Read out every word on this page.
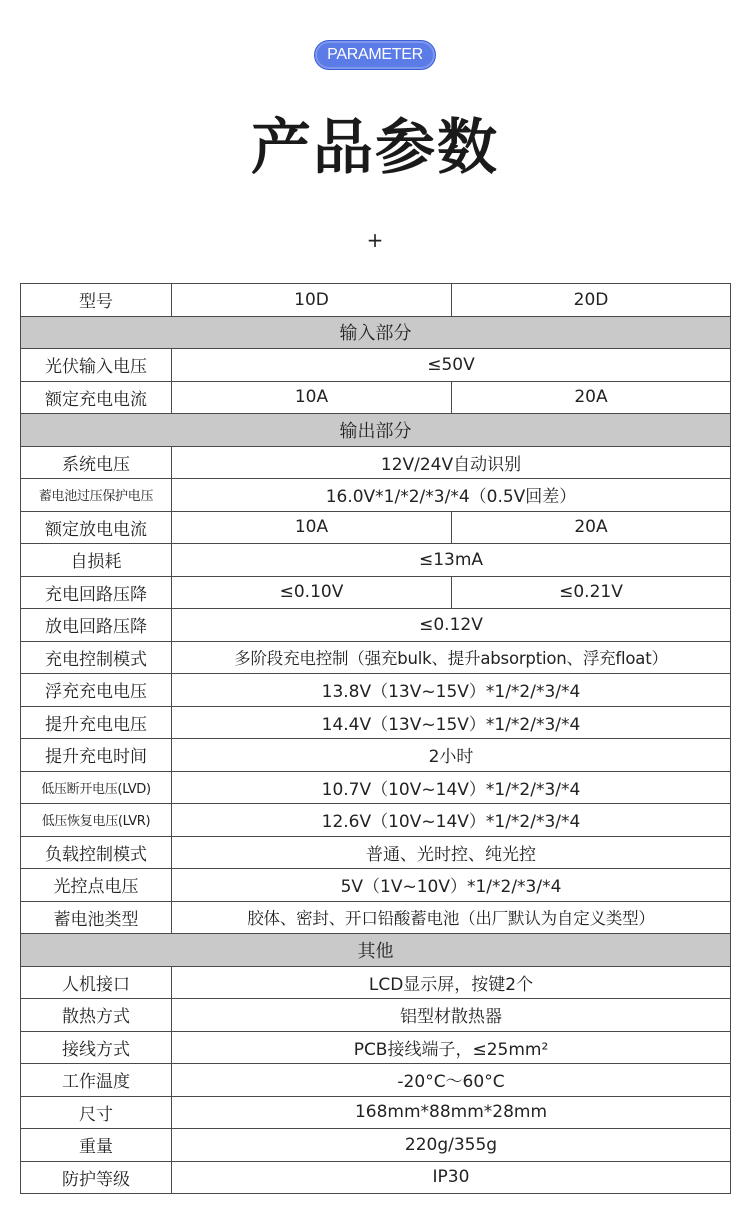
PARAMETER
产品参数
+
型号	10D	20D
输入部分		
光伏输入电压	≤50V	
额定充电电流	10A	20A
输出部分		
系统电压	12V/24V自动识别	
蓄电池过压保护电压	16.0V*1/*2/*3/*4（0.5V回差）	
额定放电电流	10A	20A
自损耗	≤13mA	
充电回路压降	≤0.10V	≤0.21V
放电回路压降	≤0.12V	
充电控制模式	多阶段充电控制（强充bulk、提升absorption、浮充float）	
浮充充电电压	13.8V（13V~15V）*1/*2/*3/*4	
提升充电电压	14.4V（13V~15V）*1/*2/*3/*4	
提升充电时间	2小时	
低压断开电压(LVD)	10.7V（10V~14V）*1/*2/*3/*4	
低压恢复电压(LVR)	12.6V（10V~14V）*1/*2/*3/*4	
负载控制模式	普通、光时控、纯光控	
光控点电压	5V（1V~10V）*1/*2/*3/*4	
蓄电池类型	胶体、密封、开口铅酸蓄电池（出厂默认为自定义类型）	
其他		
人机接口	LCD显示屏，按键2个	
散热方式	铝型材散热器	
接线方式	PCB接线端子，≤25mm²	
工作温度	-20°C～60°C	
尺寸	168mm*88mm*28mm	
重量	220g/355g	
防护等级	IP30	
